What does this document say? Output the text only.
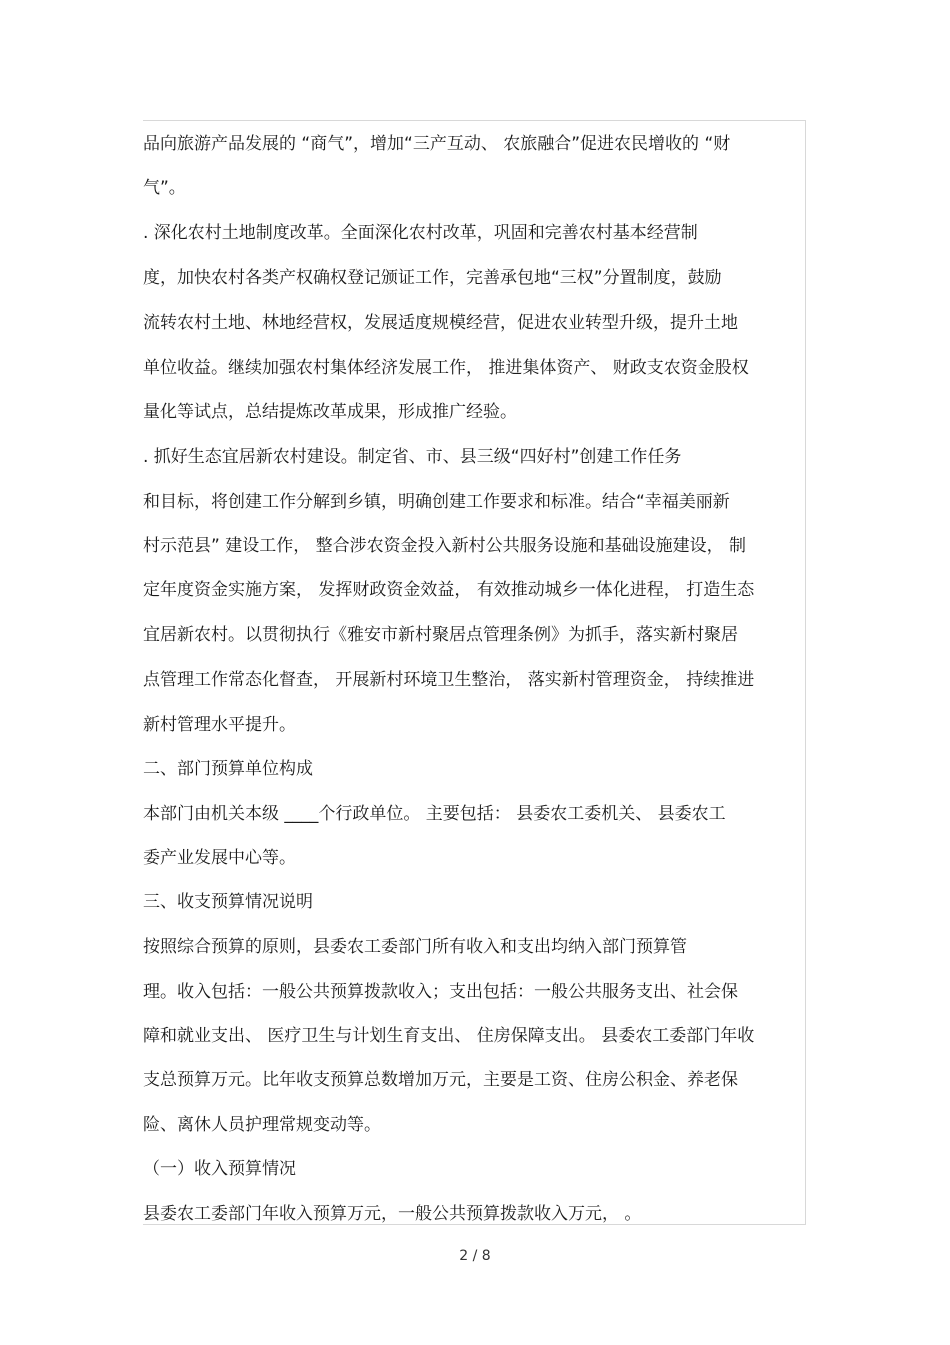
品向旅游产品发展的 “商气”，增加“三产互动、 农旅融合”促进农民增收的 “财
气”。
. 深化农村土地制度改革。全面深化农村改革，巩固和完善农村基本经营制
度，加快农村各类产权确权登记颁证工作，完善承包地“三权”分置制度，鼓励
流转农村土地、林地经营权，发展适度规模经营，促进农业转型升级，提升土地
单位收益。继续加强农村集体经济发展工作， 推进集体资产、 财政支农资金股权
量化等试点，总结提炼改革成果，形成推广经验。
. 抓好生态宜居新农村建设。制定省、市、县三级“四好村”创建工作任务
和目标，将创建工作分解到乡镇，明确创建工作要求和标准。结合“幸福美丽新
村示范县” 建设工作， 整合涉农资金投入新村公共服务设施和基础设施建设， 制
定年度资金实施方案， 发挥财政资金效益， 有效推动城乡一体化进程， 打造生态
宜居新农村。以贯彻执行《雅安市新村聚居点管理条例》为抓手，落实新村聚居
点管理工作常态化督查， 开展新村环境卫生整治， 落实新村管理资金， 持续推进
新村管理水平提升。
二、部门预算单位构成
本部门由机关本级 ____个行政单位。 主要包括： 县委农工委机关、 县委农工
委产业发展中心等。
三、收支预算情况说明
按照综合预算的原则，县委农工委部门所有收入和支出均纳入部门预算管
理。收入包括：一般公共预算拨款收入；支出包括：一般公共服务支出、社会保
障和就业支出、 医疗卫生与计划生育支出、 住房保障支出。 县委农工委部门年收
支总预算万元。比年收支预算总数增加万元，主要是工资、住房公积金、养老保
险、离休人员护理常规变动等。
（一）收入预算情况
县委农工委部门年收入预算万元，一般公共预算拨款收入万元， 。
2 / 8
